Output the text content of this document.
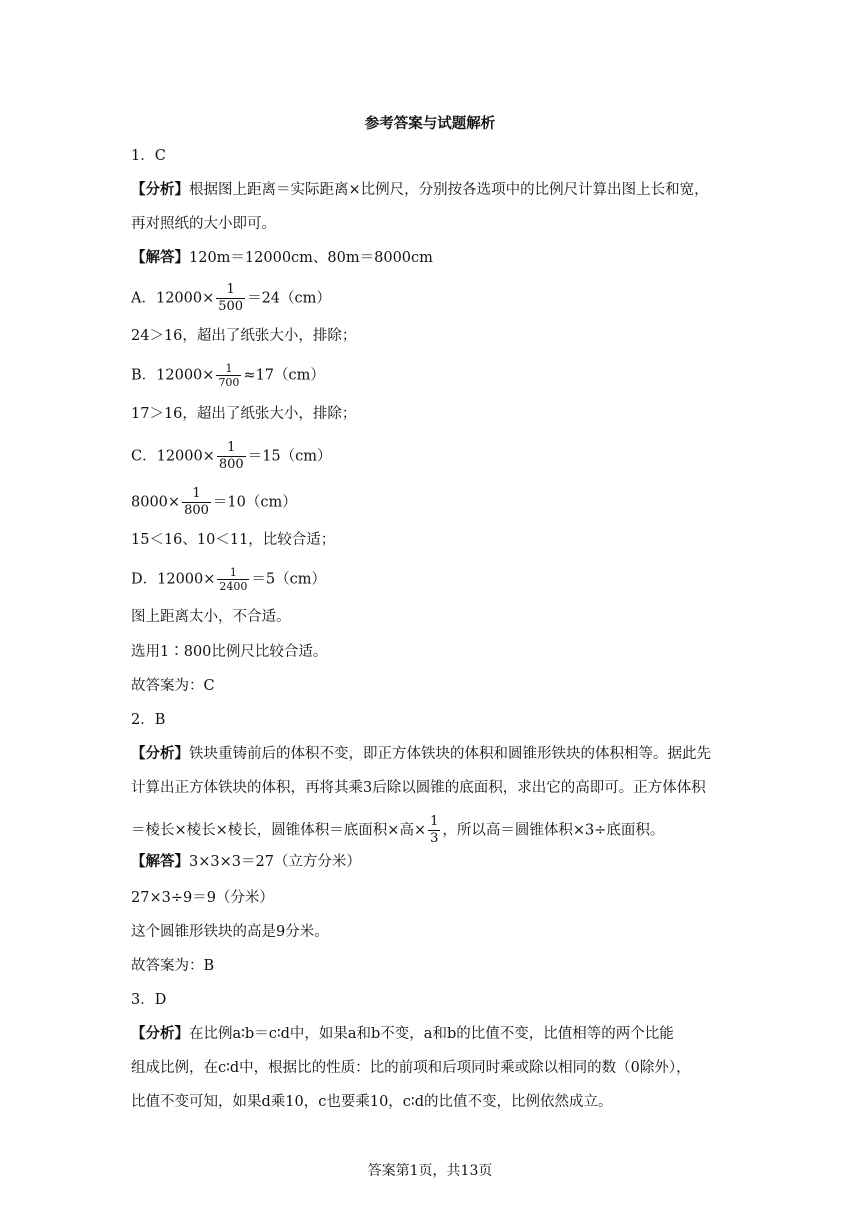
参考答案与试题解析
1．C
【分析】根据图上距离＝实际距离×比例尺，分别按各选项中的比例尺计算出图上长和宽，
再对照纸的大小即可。
【解答】120m＝12000cm、80m＝8000cm
A．$12000\times \frac{1}{500} =24(cm)$
24＞16，超出了纸张大小，排除；
B．$12000\times \frac{1}{700} \approx 17(cm)$
17＞16，超出了纸张大小，排除；
C．$12000\times \frac{1}{800} =15(cm)$
$8000\times \frac{1}{800} =10(cm)$
15＜16、10＜11，比较合适；
D．$12000\times \frac{1}{2400} =5(cm)$
图上距离太小，不合适。
选用1∶800比例尺比较合适。
故答案为：C
2．B
【分析】铁块重铸前后的体积不变，即正方体铁块的体积和圆锥形铁块的体积相等。据此先
计算出正方体铁块的体积，再将其乘3后除以圆锥的底面积，求出它的高即可。正方体体积
＝棱长×棱长×棱长，圆锥体积＝底面积×高× $\frac{1}{3}$ ，所以高＝圆锥体积×3÷底面积。
【解答】3×3×3＝27（立方分米）
27×3÷9＝9（分米）
这个圆锥形铁块的高是9分米。
故答案为：B
3．D
【分析】在比例a∶b＝c∶d中，如果a和b不变，a和b的比值不变，比值相等的两个比能
组成比例，在c∶d中，根据比的性质：比的前项和后项同时乘或除以相同的数（0除外），
比值不变可知，如果d乘10，c也要乘10，c∶d的比值不变，比例依然成立。
答案第1页，共13页
